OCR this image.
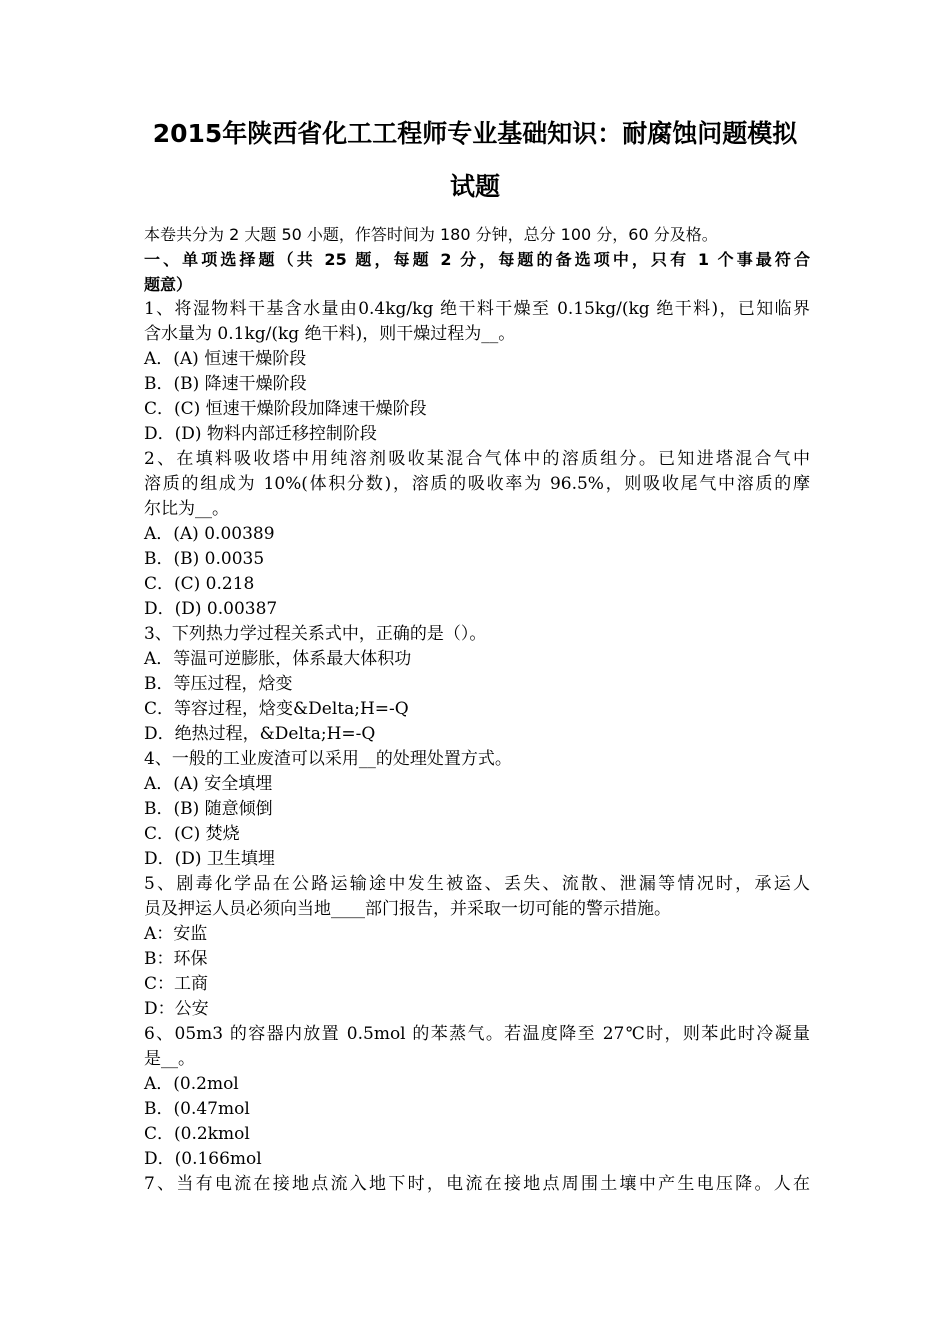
2015年陕西省化工工程师专业基础知识：耐腐蚀问题模拟
试题
本卷共分为 2 大题 50 小题，作答时间为 180 分钟，总分 100 分，60 分及格。
一、单项选择题（共 25 题，每题 2 分，每题的备选项中，只有 1 个事最符合
题意）
1、将湿物料干基含水量由0.4kg/kg 绝干料干燥至 0.15kg/(kg 绝干料)，已知临界
含水量为 0.1kg/(kg 绝干料)，则干燥过程为__。
A．(A) 恒速干燥阶段
B．(B) 降速干燥阶段
C．(C) 恒速干燥阶段加降速干燥阶段
D．(D) 物料内部迁移控制阶段
2、在填料吸收塔中用纯溶剂吸收某混合气体中的溶质组分。已知进塔混合气中
溶质的组成为 10%(体积分数)，溶质的吸收率为 96.5%，则吸收尾气中溶质的摩
尔比为__。
A．(A) 0.00389
B．(B) 0.0035
C．(C) 0.218
D．(D) 0.00387
3、下列热力学过程关系式中，正确的是（）。
A．等温可逆膨胀，体系最大体积功
B．等压过程，焓变
C．等容过程，焓变&Delta;H=-Q
D．绝热过程，&Delta;H=-Q
4、一般的工业废渣可以采用__的处理处置方式。
A．(A) 安全填埋
B．(B) 随意倾倒
C．(C) 焚烧
D．(D) 卫生填埋
5、剧毒化学品在公路运输途中发生被盗、丢失、流散、泄漏等情况时，承运人
员及押运人员必须向当地____部门报告，并采取一切可能的警示措施。
A：安监
B：环保
C：工商
D：公安
6、05m3 的容器内放置 0.5mol 的苯蒸气。若温度降至 27℃时，则苯此时冷凝量
是__。
A．(0.2mol
B．(0.47mol
C．(0.2kmol
D．(0.166mol
7、当有电流在接地点流入地下时，电流在接地点周围土壤中产生电压降。人在
